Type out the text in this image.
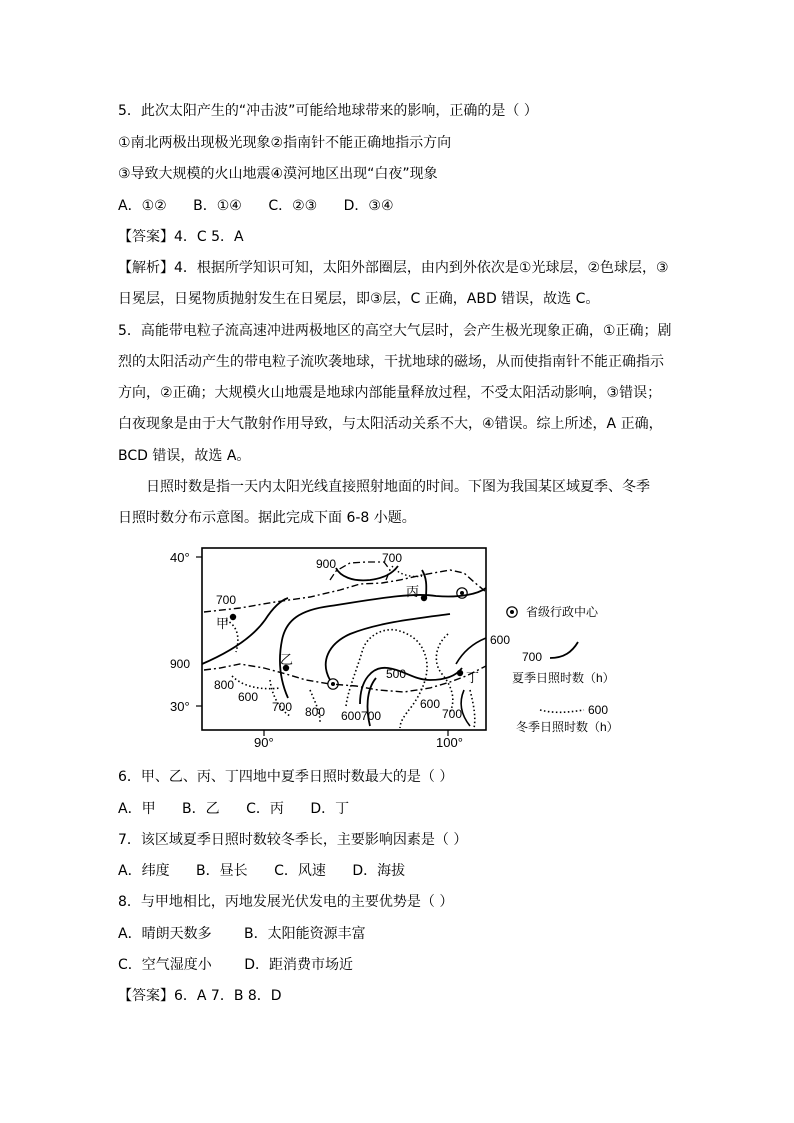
5．此次太阳产生的“冲击波”可能给地球带来的影响，正确的是（ ）
①南北两极出现极光现象②指南针不能正确地指示方向
③导致大规模的火山地震④漠河地区出现“白夜”现象
A．①② B．①④ C．②③ D．③④
【答案】4．C 5．A
【解析】4．根据所学知识可知，太阳外部圈层，由内到外依次是①光球层，②色球层，③
日冕层，日冕物质抛射发生在日冕层，即③层，C 正确，ABD 错误，故选 C。
5．高能带电粒子流高速冲进两极地区的高空大气层时，会产生极光现象正确，①正确；剧
烈的太阳活动产生的带电粒子流吹袭地球，干扰地球的磁场，从而使指南针不能正确指示
方向，②正确；大规模火山地震是地球内部能量释放过程，不受太阳活动影响，③错误；
白夜现象是由于大气散射作用导致，与太阳活动关系不大，④错误。综上所述，A 正确，
BCD 错误，故选 A。
日照时数是指一天内太阳光线直接照射地面的时间。下图为我国某区域夏季、冬季
日照时数分布示意图。据此完成下面 6-8 小题。
40°
30°
90°	100°
甲
乙
丙
丁
900	700
700
900
800
600
700 800 600700
500
600
700
600
省级行政中心
700
夏季日照时数（h）
600
冬季日照时数（h）
6．甲、乙、丙、丁四地中夏季日照时数最大的是（ ）
A．甲 B．乙 C．丙 D．丁
7．该区域夏季日照时数较冬季长，主要影响因素是（ ）
A．纬度 B．昼长 C．风速 D．海拔
8．与甲地相比，丙地发展光伏发电的主要优势是（ ）
A．晴朗天数多 B．太阳能资源丰富
C．空气湿度小 D．距消费市场近
【答案】6．A 7．B 8．D
